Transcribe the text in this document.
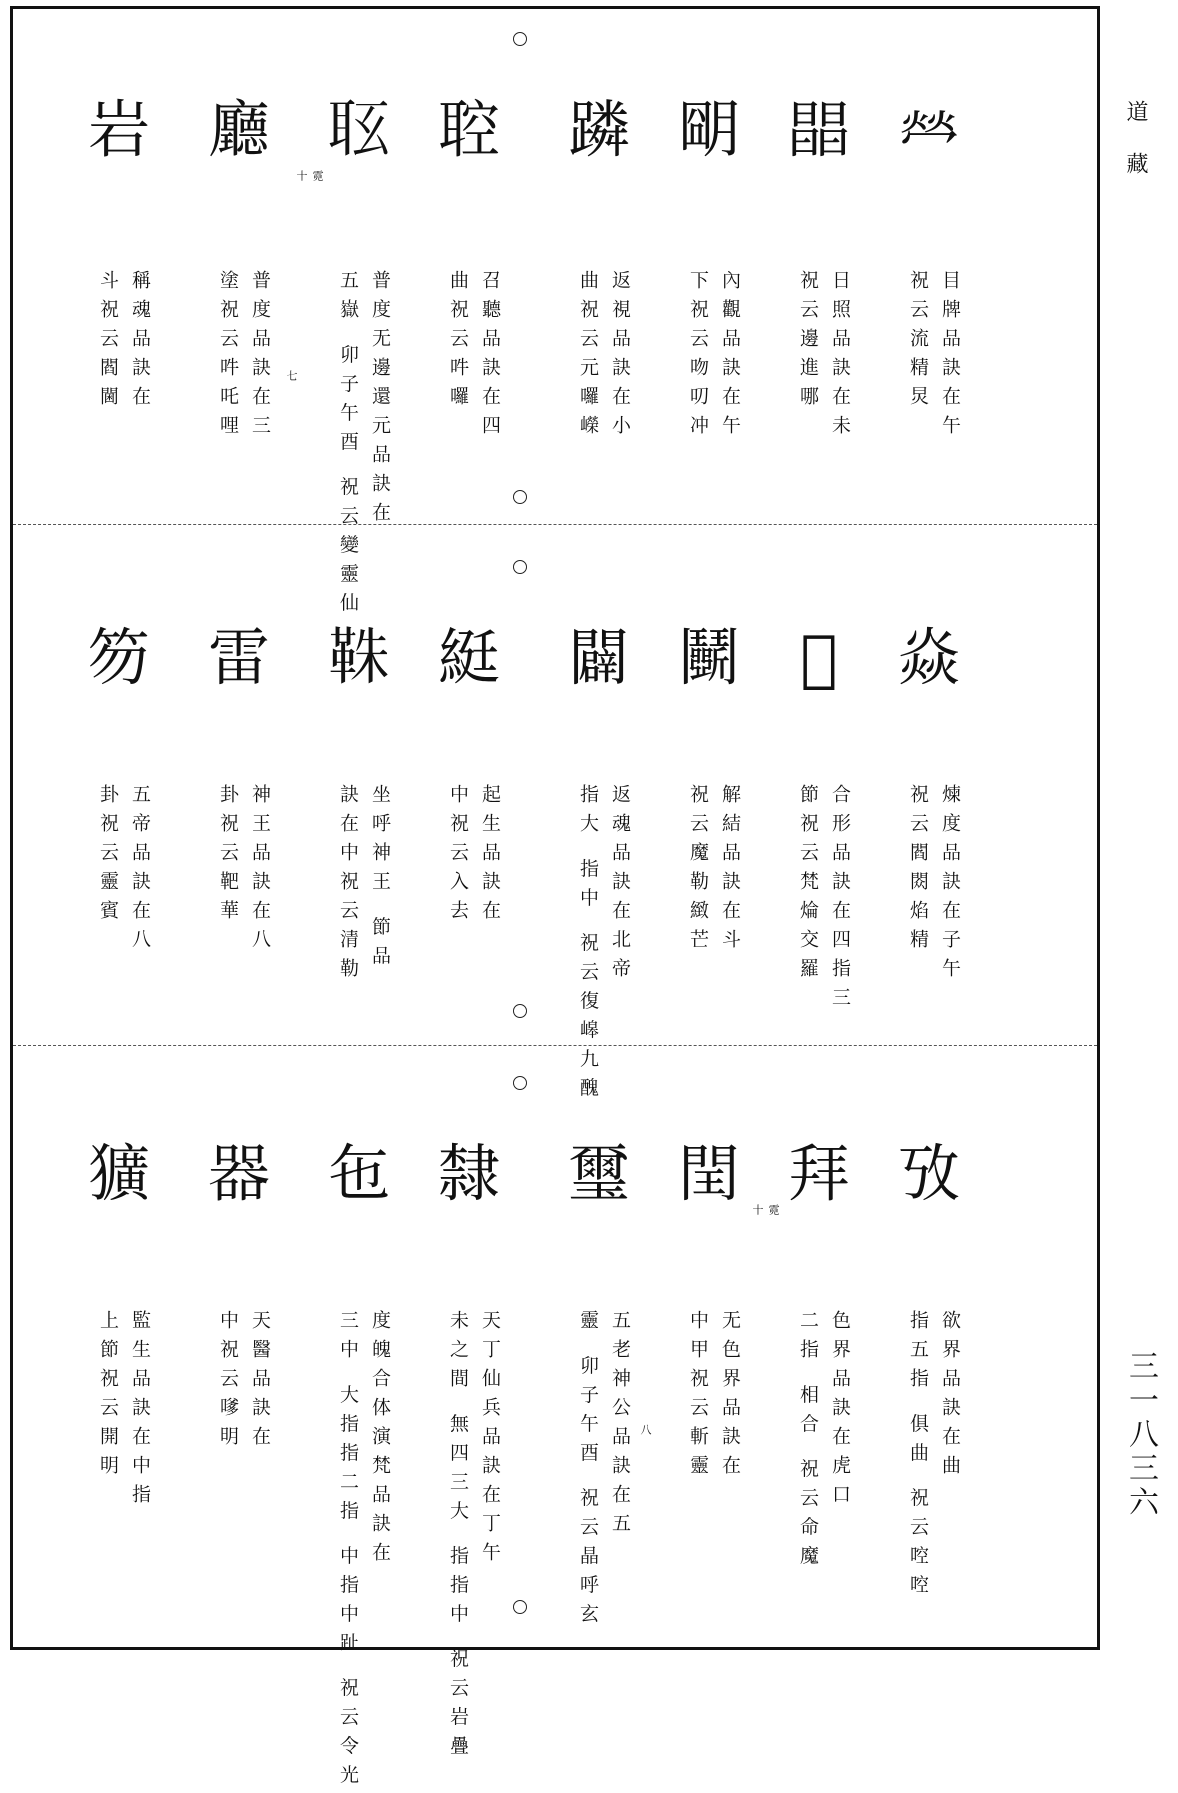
𤇾
目牌品訣在午
祝云流精炅
𣊫
日照品訣在未
祝云邊進哪
朙
內觀品訣在午
下祝云吻叨冲
蹸
返視品訣在小
曲祝云元囉嶸
聜
召聽品訣在四
曲祝云吽囉
𦕇
霓十
普度无邊還元品訣在
五嶽 卯子午酉 祝云變靈仙
七
廳
普度品訣在三
塗祝云吽吒哩
岩
稱魂品訣在
斗祝云閻閫
焱
煉度品訣在子午
祝云閻閦焰精
𩴦
合形品訣在四指三
節祝云梵㷍交羅
鬭
解結品訣在斗
祝云魔勒緻芒
闢
返魂品訣在北帝
指大 指中 祝云復㟸九醜
綎
起生品訣在
中祝云入去
𩊣
坐呼神王 節品
訣在中祝云清勒
雷
神王品訣在八
卦祝云靶華
笏
五帝品訣在八
卦祝云靈賓
攷
欲界品訣在曲
指五指 俱曲 祝云啌啌
拜
霓十
色界品訣在虎口
二指 相合 祝云命魔
閏
无色界品訣在
中甲祝云斬靈
八
璽
五老神公品訣在五
靈 卯子午酉 祝云晶呼玄
隸
天丁仙兵品訣在丁午
未之間 無四三大 指指中 祝云岩疊
㐌
度魄合体演梵品訣在
三中 大指指二指 中指中趾 祝云令光
器
天醫品訣在
中祝云嗲明
獷
監生品訣在中指
上節祝云開明
道藏
三一八三六
